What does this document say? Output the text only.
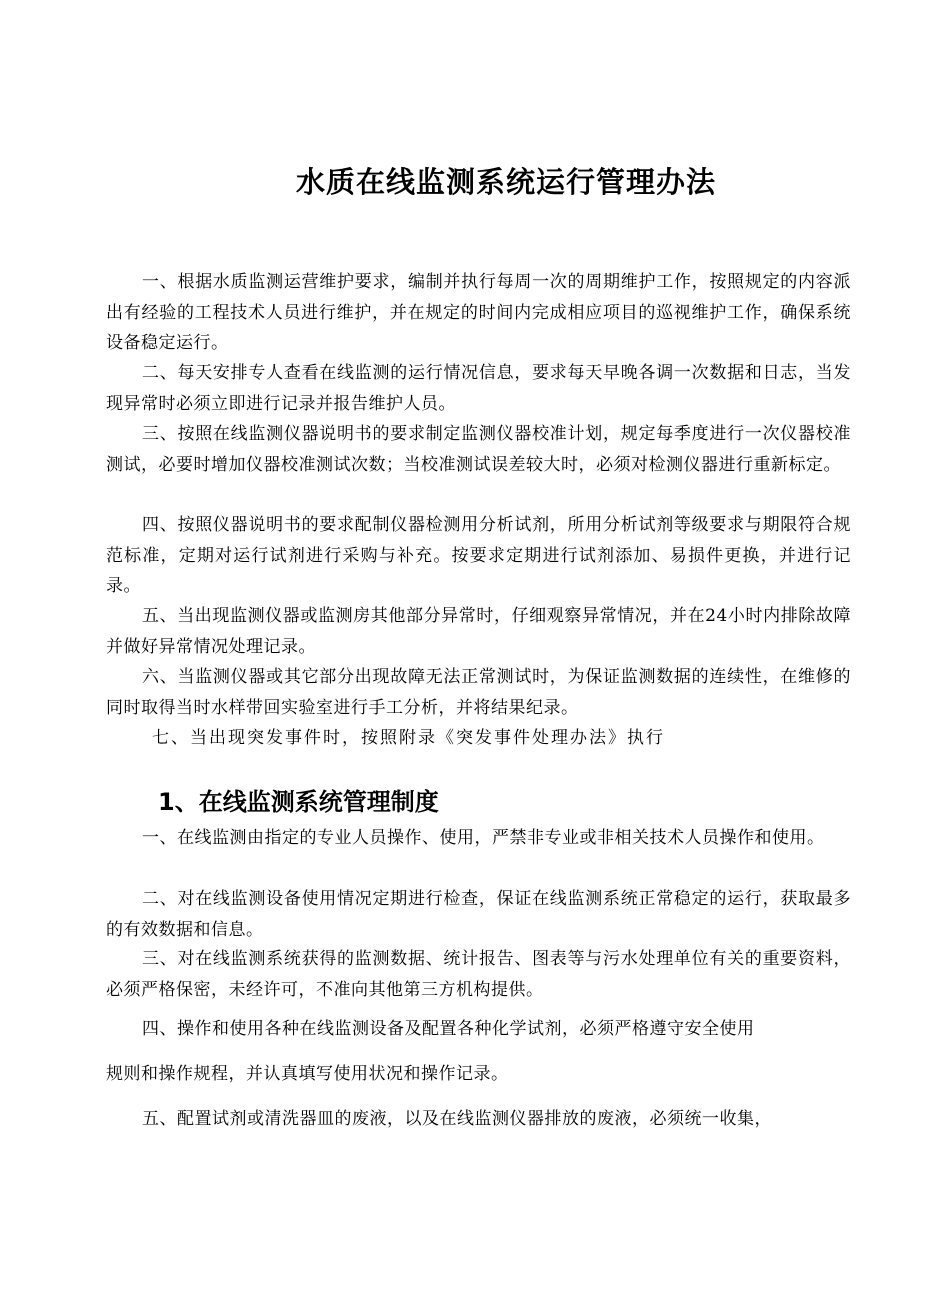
水质在线监测系统运行管理办法
一、根据水质监测运营维护要求，编制并执行每周一次的周期维护工作，按照规定的内容派出有经验的工程技术人员进行维护，并在规定的时间内完成相应项目的巡视维护工作，确保系统设备稳定运行。
二、每天安排专人查看在线监测的运行情况信息，要求每天早晚各调一次数据和日志，当发现异常时必须立即进行记录并报告维护人员。
三、按照在线监测仪器说明书的要求制定监测仪器校准计划，规定每季度进行一次仪器校准测试，必要时增加仪器校准测试次数；当校准测试误差较大时，必须对检测仪器进行重新标定。
四、按照仪器说明书的要求配制仪器检测用分析试剂，所用分析试剂等级要求与期限符合规范标准，定期对运行试剂进行采购与补充。按要求定期进行试剂添加、易损件更换，并进行记录。
五、当出现监测仪器或监测房其他部分异常时，仔细观察异常情况，并在24小时内排除故障并做好异常情况处理记录。
六、当监测仪器或其它部分出现故障无法正常测试时，为保证监测数据的连续性，在维修的同时取得当时水样带回实验室进行手工分析，并将结果纪录。
七、当出现突发事件时，按照附录《突发事件处理办法》执行
1、在线监测系统管理制度
一、在线监测由指定的专业人员操作、使用，严禁非专业或非相关技术人员操作和使用。
二、对在线监测设备使用情况定期进行检查，保证在线监测系统正常稳定的运行，获取最多的有效数据和信息。
三、对在线监测系统获得的监测数据、统计报告、图表等与污水处理单位有关的重要资料，必须严格保密，未经许可，不准向其他第三方机构提供。
四、操作和使用各种在线监测设备及配置各种化学试剂，必须严格遵守安全使用
规则和操作规程，并认真填写使用状况和操作记录。
五、配置试剂或清洗器皿的废液，以及在线监测仪器排放的废液，必须统一收集，
